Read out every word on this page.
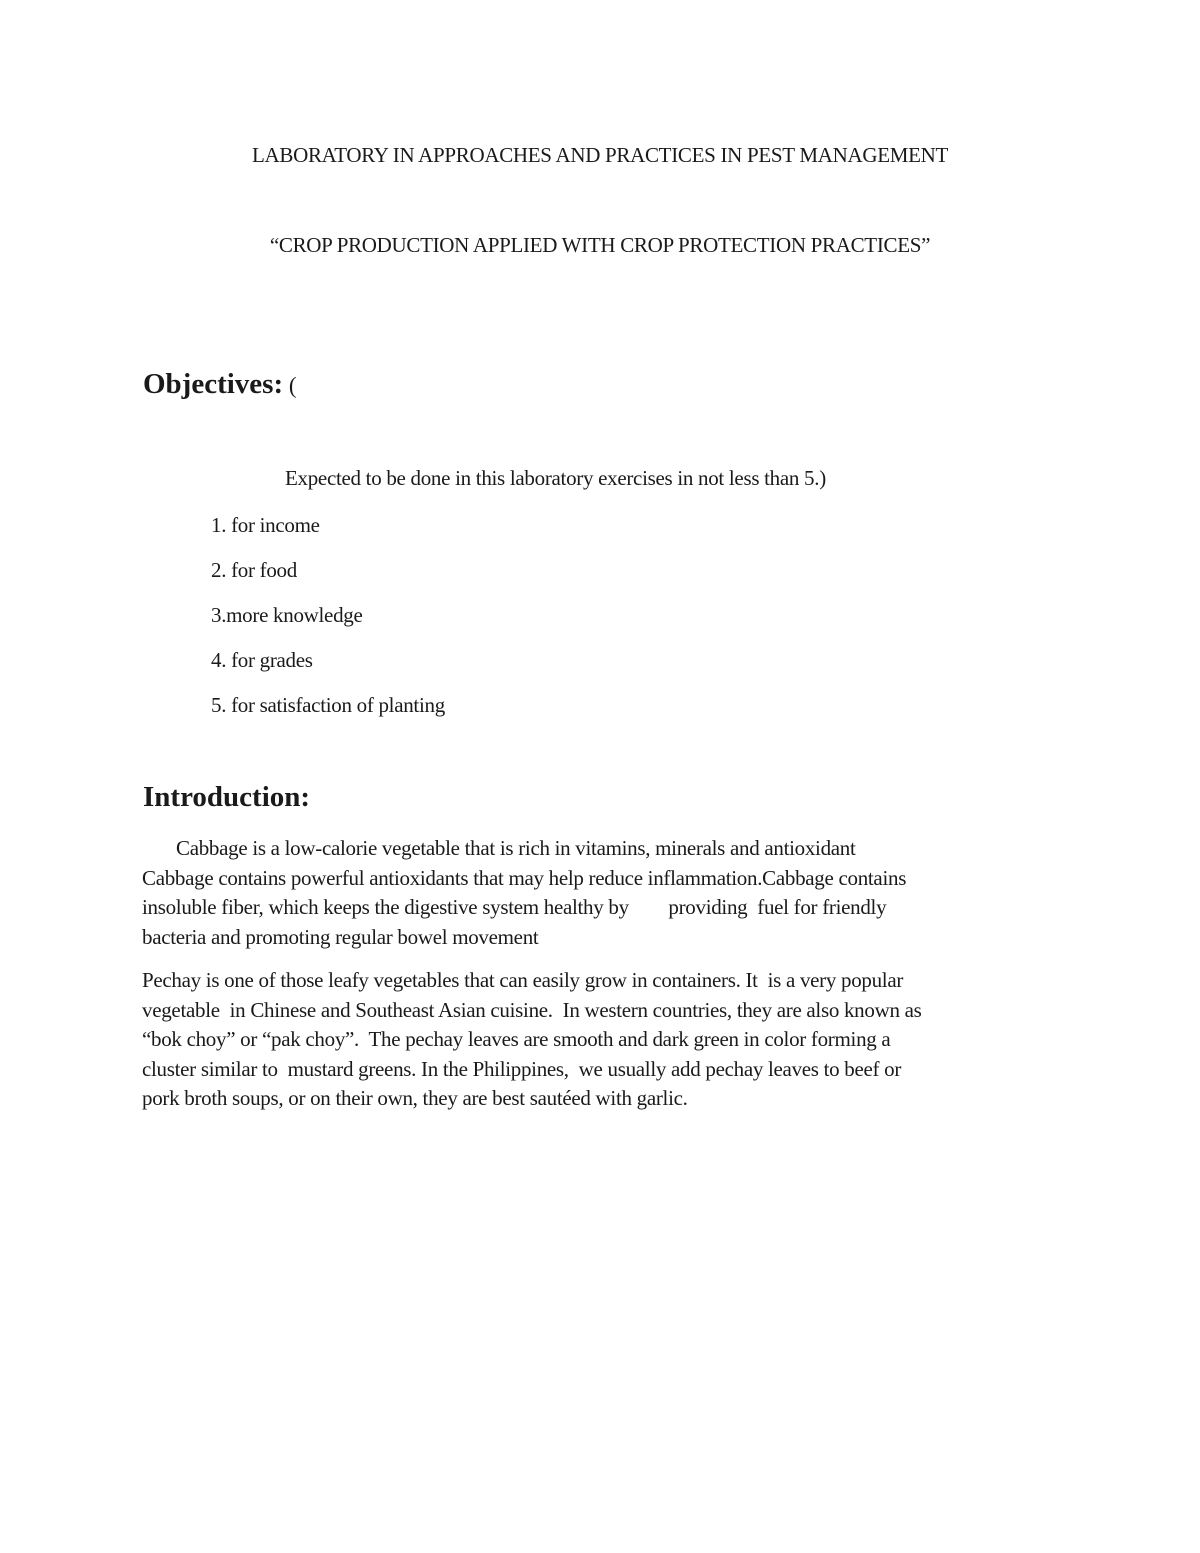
LABORATORY IN APPROACHES AND PRACTICES IN PEST MANAGEMENT
“CROP PRODUCTION APPLIED WITH CROP PROTECTION PRACTICES”
Objectives: (
Expected to be done in this laboratory exercises in not less than 5.)
1. for income
2. for food
3.more knowledge
4. for grades
5. for satisfaction of planting
Introduction:

Cabbage is a low-calorie vegetable that is rich in vitamins, minerals and antioxidant
Cabbage contains powerful antioxidants that may help reduce inflammation.Cabbage contains
insoluble fiber, which keeps the digestive system healthy by        providing  fuel for friendly
bacteria and promoting regular bowel movement

Pechay is one of those leafy vegetables that can easily grow in containers. It  is a very popular
vegetable  in Chinese and Southeast Asian cuisine.  In western countries, they are also known as
“bok choy” or “pak choy”.  The pechay leaves are smooth and dark green in color forming a
cluster similar to  mustard greens. In the Philippines,  we usually add pechay leaves to beef or
pork broth soups, or on their own, they are best sautéed with garlic.
